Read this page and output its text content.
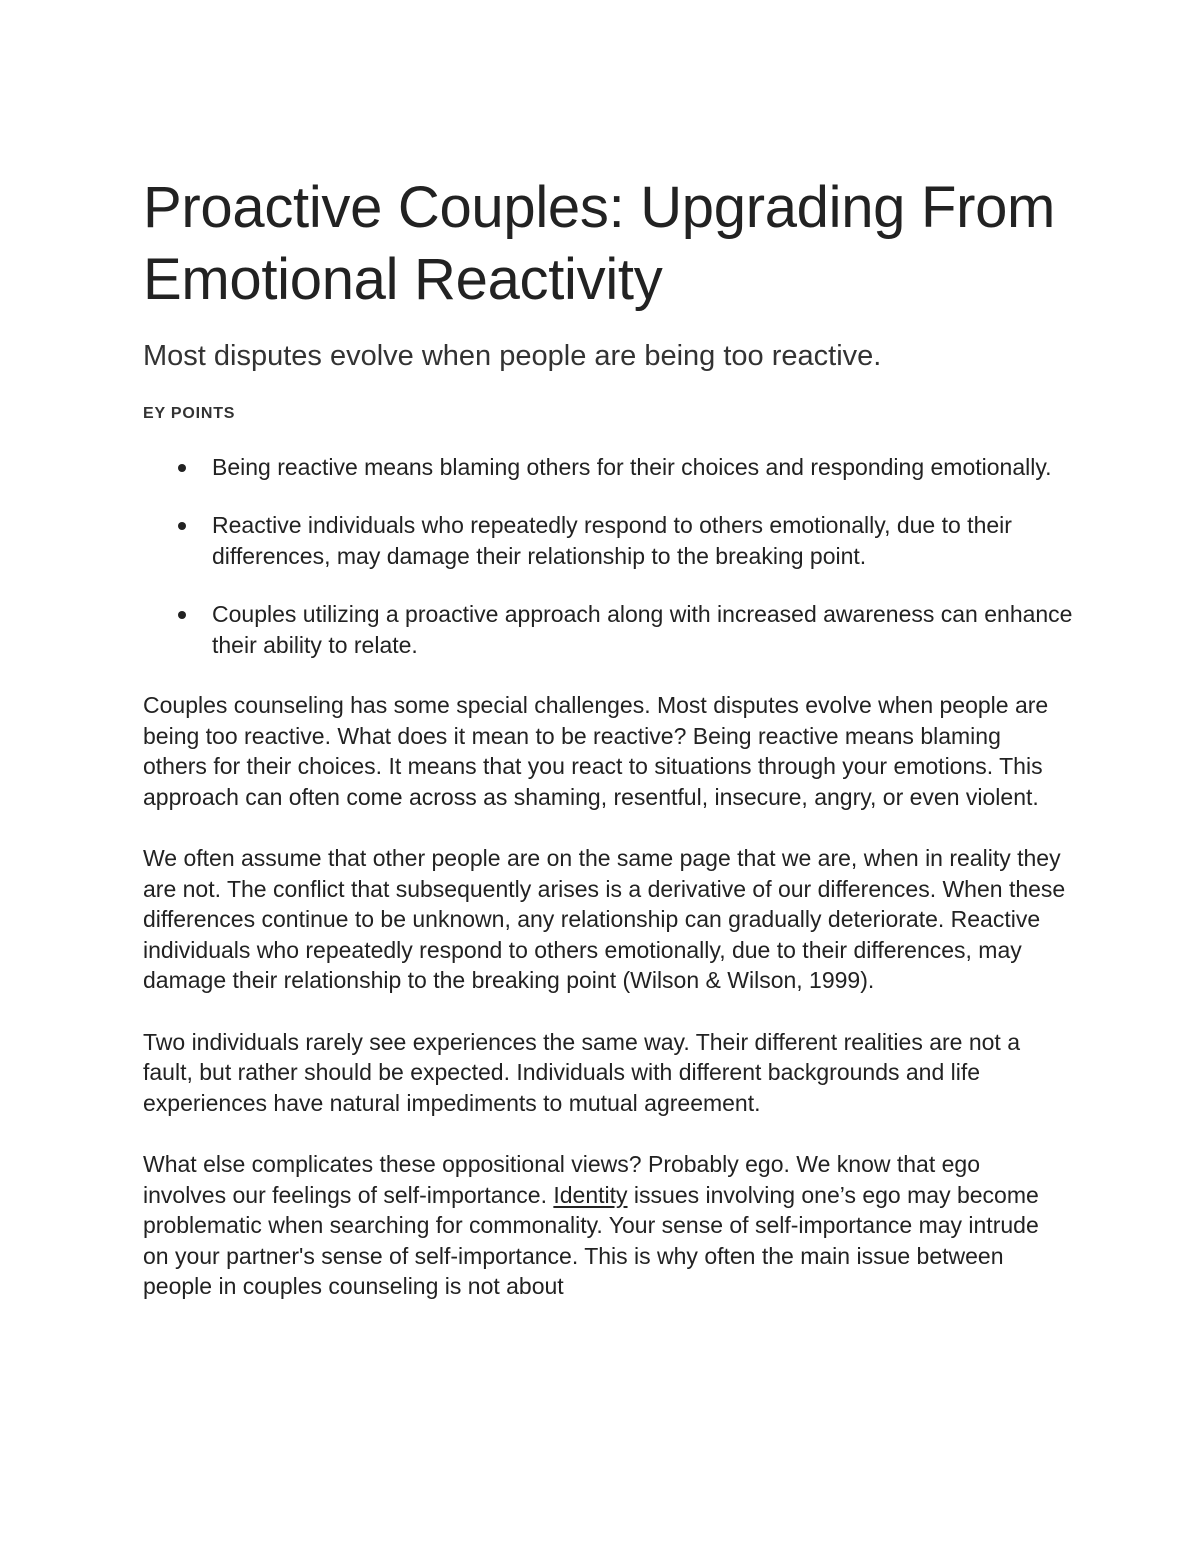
Proactive Couples: Upgrading From Emotional Reactivity

Most disputes evolve when people are being too reactive.

EY POINTS

Being reactive means blaming others for their choices and responding emotionally.
Reactive individuals who repeatedly respond to others emotionally, due to their differences, may damage their relationship to the breaking point.
Couples utilizing a proactive approach along with increased awareness can enhance their ability to relate.

Couples counseling has some special challenges. Most disputes evolve when people are being too reactive. What does it mean to be reactive? Being reactive means blaming others for their choices. It means that you react to situations through your emotions. This approach can often come across as shaming, resentful, insecure, angry, or even violent.

We often assume that other people are on the same page that we are, when in reality they are not. The conflict that subsequently arises is a derivative of our differences. When these differences continue to be unknown, any relationship can gradually deteriorate. Reactive individuals who repeatedly respond to others emotionally, due to their differences, may damage their relationship to the breaking point (Wilson & Wilson, 1999).

Two individuals rarely see experiences the same way. Their different realities are not a fault, but rather should be expected. Individuals with different backgrounds and life experiences have natural impediments to mutual agreement.

What else complicates these oppositional views? Probably ego. We know that ego involves our feelings of self-importance. Identity issues involving one’s ego may become problematic when searching for commonality. Your sense of self-importance may intrude on your partner's sense of self-importance. This is why often the main issue between people in couples counseling is not about
